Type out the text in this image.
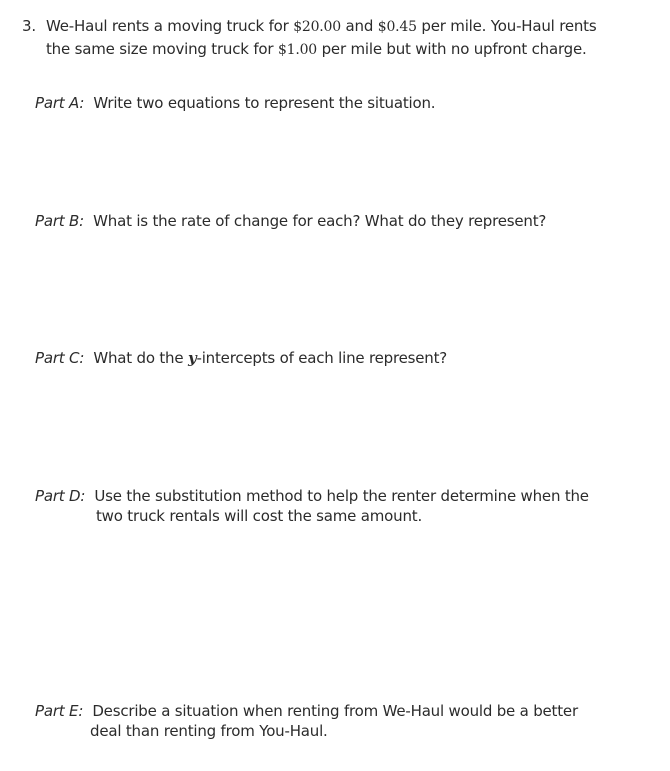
3. We-Haul rents a moving truck for $20.00 and $0.45 per mile. You-Haul rents
the same size moving truck for $1.00 per mile but with no upfront charge.
Part A: Write two equations to represent the situation.
Part B: What is the rate of change for each? What do they represent?
Part C: What do the y-intercepts of each line represent?
Part D: Use the substitution method to help the renter determine when the
two truck rentals will cost the same amount.
Part E: Describe a situation when renting from We-Haul would be a better
deal than renting from You-Haul.
